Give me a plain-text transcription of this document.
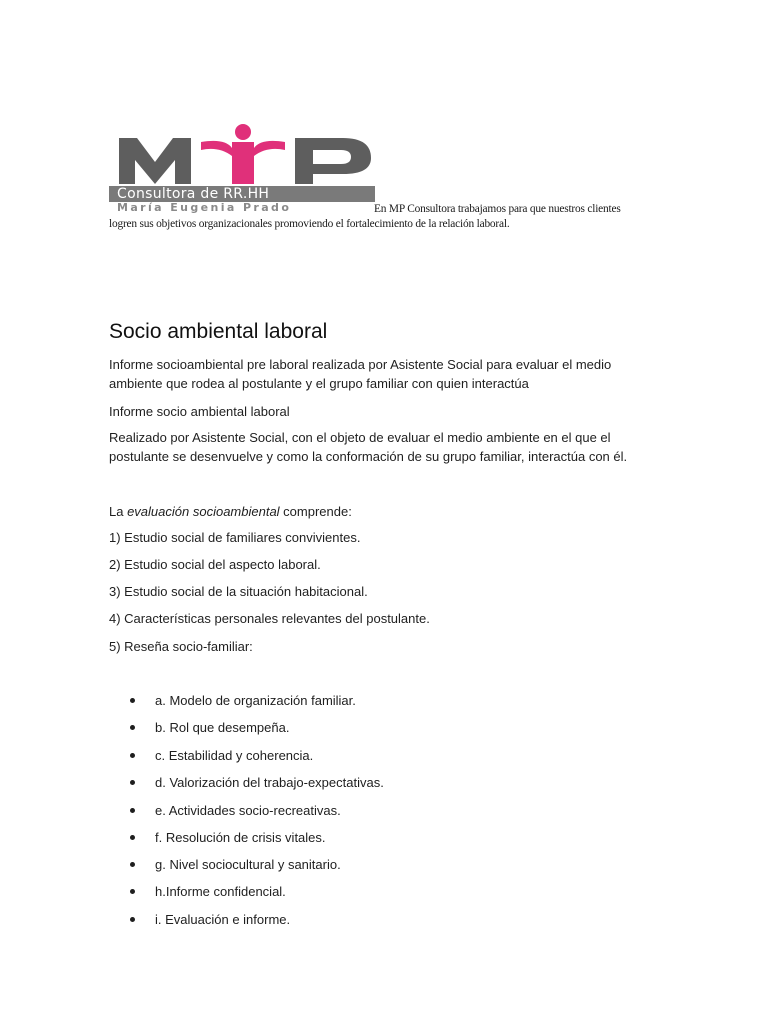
Consultora de RR.HH
María Eugenia Prado	En MP Consultora trabajamos para que nuestros clientes
logren sus objetivos organizacionales promoviendo el fortalecimiento de la relación laboral.
Socio ambiental laboral

Informe socioambiental pre laboral realizada por Asistente Social para evaluar el medio ambiente que rodea al postulante y el grupo familiar con quien interactúa

Informe socio ambiental laboral

Realizado por Asistente Social, con el objeto de evaluar el medio ambiente en el que el postulante se desenvuelve y como la conformación de su grupo familiar, interactúa con él.

La evaluación socioambiental comprende:

1) Estudio social de familiares convivientes.
2) Estudio social del aspecto laboral.
3) Estudio social de la situación habitacional.
4) Características personales relevantes del postulante.
5) Reseña socio-familiar:
a. Modelo de organización familiar.
b. Rol que desempeña.
c. Estabilidad y coherencia.
d. Valorización del trabajo-expectativas.
e. Actividades socio-recreativas.
f. Resolución de crisis vitales.
g. Nivel sociocultural y sanitario.
h.Informe confidencial.
i. Evaluación e informe.
